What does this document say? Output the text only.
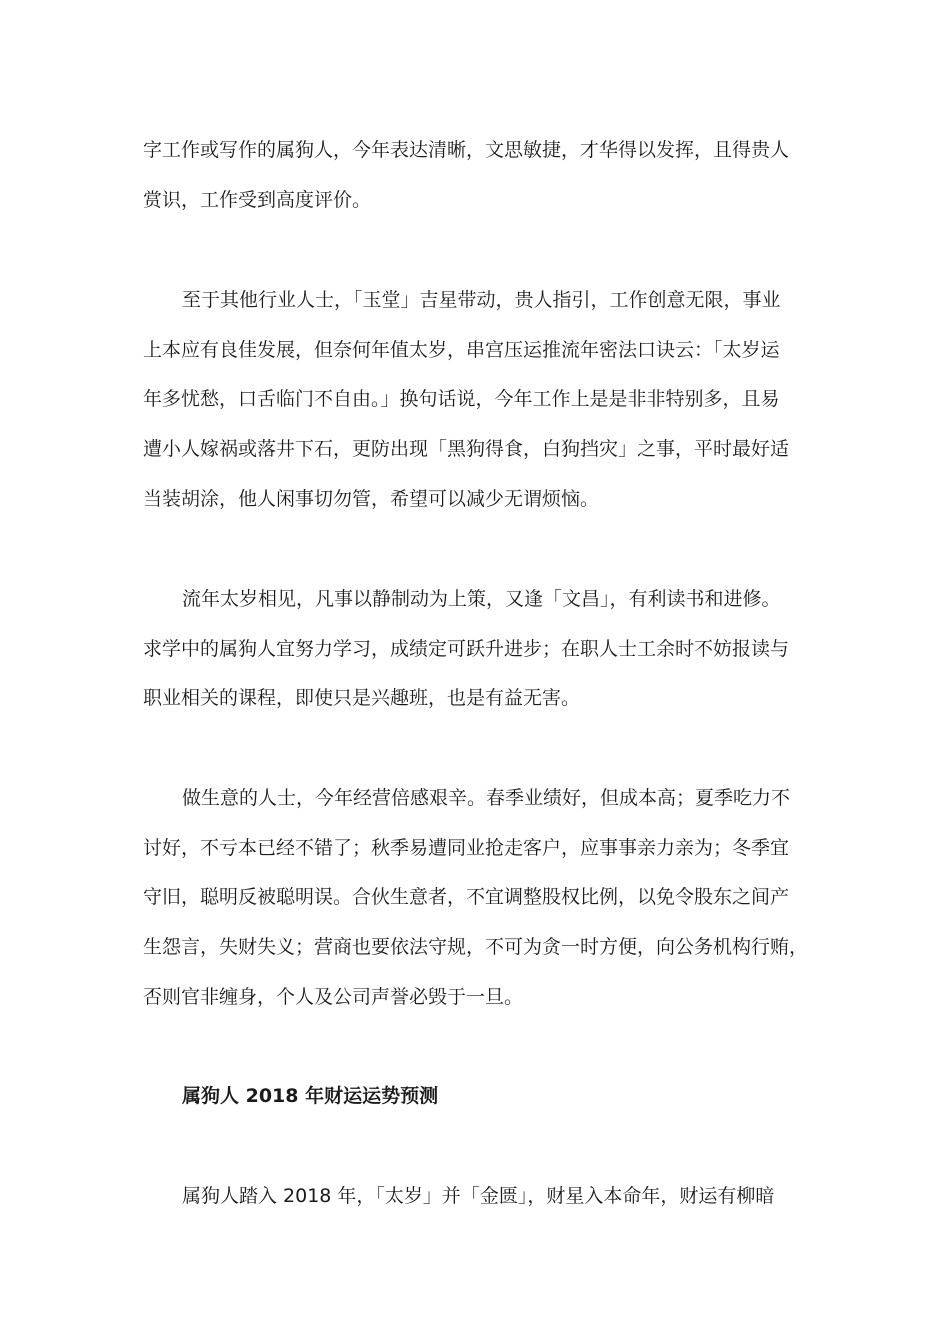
字工作或写作的属狗人，今年表达清晰，文思敏捷，才华得以发挥，且得贵人
赏识，工作受到高度评价。
至于其他行业人士，「玉堂」吉星带动，贵人指引，工作创意无限，事业
上本应有良佳发展，但奈何年值太岁，串宫压运推流年密法口诀云：「太岁运
年多忧愁，口舌临门不自由。」换句话说，今年工作上是是非非特别多，且易
遭小人嫁祸或落井下石，更防出现「黑狗得食，白狗挡灾」之事，平时最好适
当装胡涂，他人闲事切勿管，希望可以减少无谓烦恼。
流年太岁相见，凡事以静制动为上策，又逢「文昌」，有利读书和进修。
求学中的属狗人宜努力学习，成绩定可跃升进步；在职人士工余时不妨报读与
职业相关的课程，即使只是兴趣班，也是有益无害。
做生意的人士，今年经营倍感艰辛。春季业绩好，但成本高；夏季吃力不
讨好，不亏本已经不错了；秋季易遭同业抢走客户，应事事亲力亲为；冬季宜
守旧，聪明反被聪明误。合伙生意者，不宜调整股权比例，以免令股东之间产
生怨言，失财失义；营商也要依法守规，不可为贪一时方便，向公务机构行贿，
否则官非缠身，个人及公司声誉必毁于一旦。
属狗人 2018 年财运运势预测
属狗人踏入 2018 年，「太岁」并「金匮」，财星入本命年，财运有柳暗
